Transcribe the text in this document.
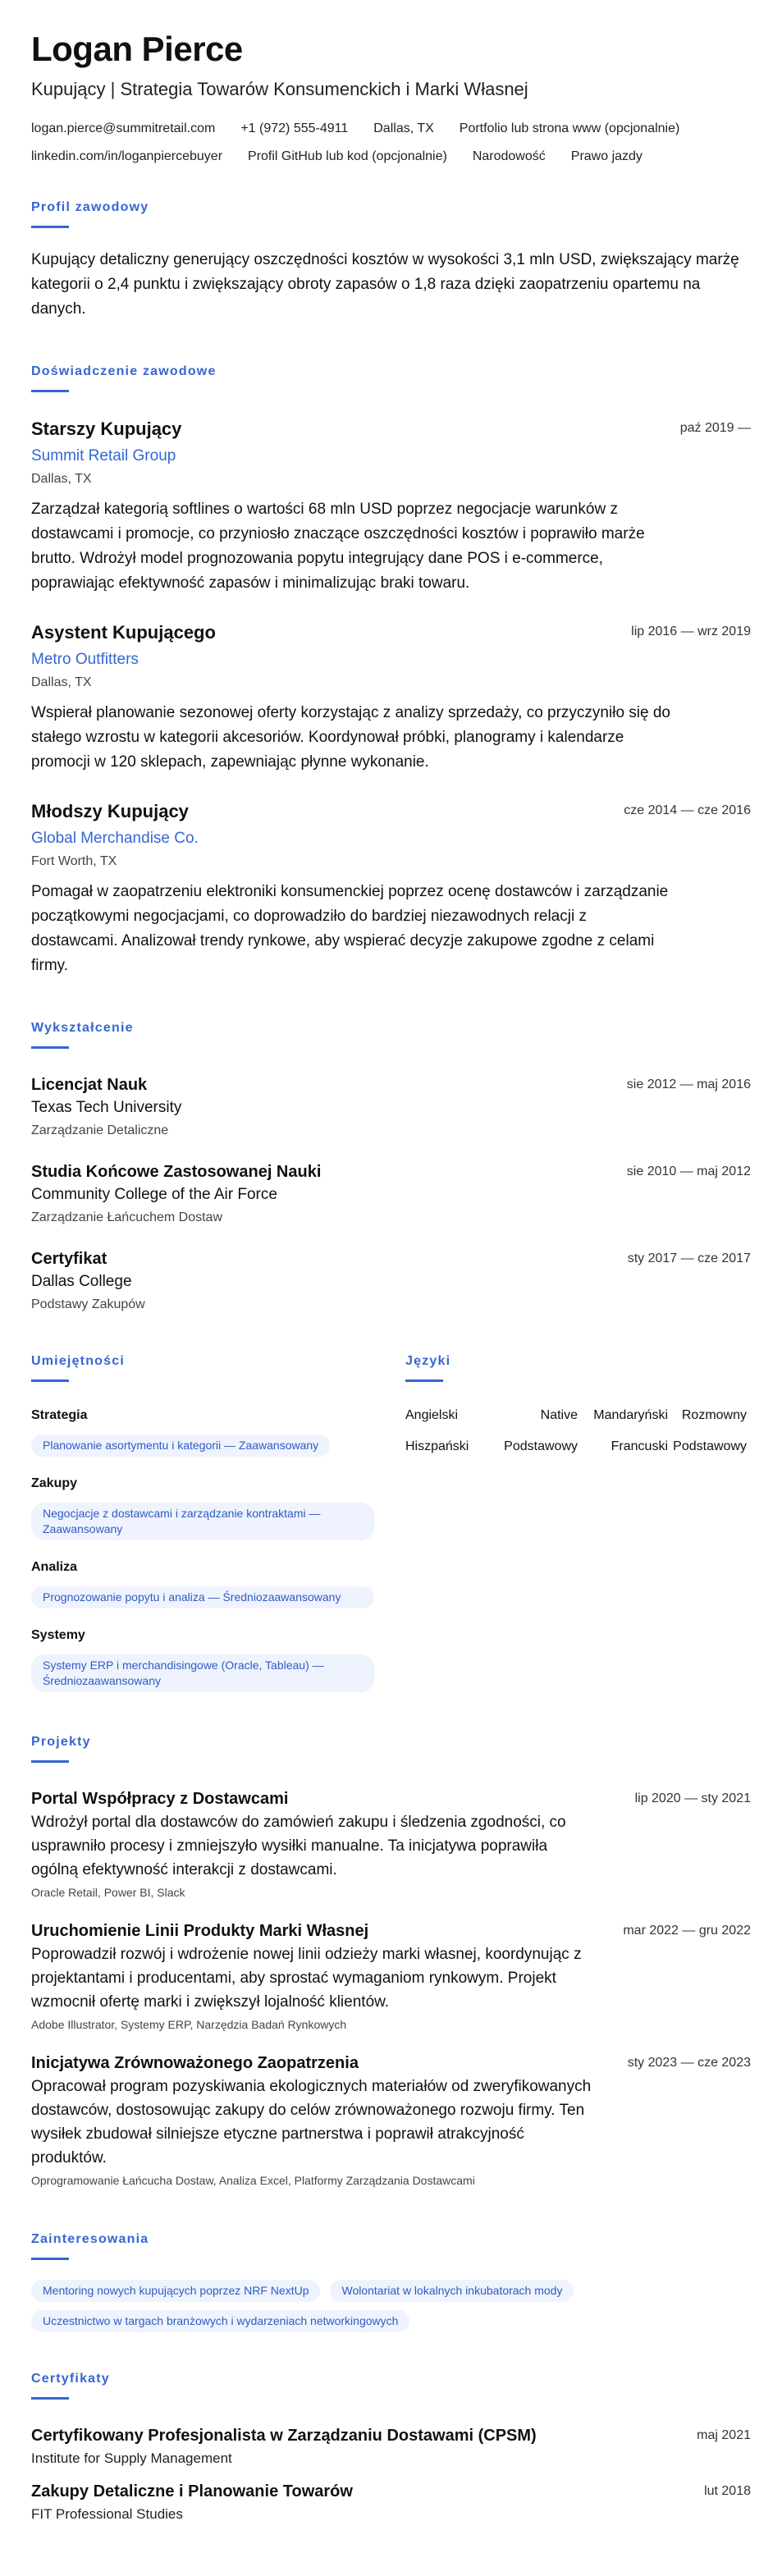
Logan Pierce
Kupujący | Strategia Towarów Konsumenckich i Marki Własnej
logan.pierce@summitretail.com +1 (972) 555-4911 Dallas, TX Portfolio lub strona www (opcjonalnie)
linkedin.com/in/loganpiercebuyer Profil GitHub lub kod (opcjonalnie) Narodowość Prawo jazdy
Profil zawodowy
Kupujący detaliczny generujący oszczędności kosztów w wysokości 3,1 mln USD, zwiększający marżę kategorii o 2,4 punktu i zwiększający obroty zapasów o 1,8 raza dzięki zaopatrzeniu opartemu na danych.
Doświadczenie zawodowe
Starszy Kupujący	paź 2019 —
Summit Retail Group
Dallas, TX
Zarządzał kategorią softlines o wartości 68 mln USD poprzez negocjacje warunków z dostawcami i promocje, co przyniosło znaczące oszczędności kosztów i poprawiło marże brutto. Wdrożył model prognozowania popytu integrujący dane POS i e-commerce, poprawiając efektywność zapasów i minimalizując braki towaru.
Asystent Kupującego	lip 2016 — wrz 2019
Metro Outfitters
Dallas, TX
Wspierał planowanie sezonowej oferty korzystając z analizy sprzedaży, co przyczyniło się do stałego wzrostu w kategorii akcesoriów. Koordynował próbki, planogramy i kalendarze promocji w 120 sklepach, zapewniając płynne wykonanie.
Młodszy Kupujący	cze 2014 — cze 2016
Global Merchandise Co.
Fort Worth, TX
Pomagał w zaopatrzeniu elektroniki konsumenckiej poprzez ocenę dostawców i zarządzanie początkowymi negocjacjami, co doprowadziło do bardziej niezawodnych relacji z dostawcami. Analizował trendy rynkowe, aby wspierać decyzje zakupowe zgodne z celami firmy.
Wykształcenie
Licencjat Nauk	sie 2012 — maj 2016
Texas Tech University
Zarządzanie Detaliczne
Studia Końcowe Zastosowanej Nauki	sie 2010 — maj 2012
Community College of the Air Force
Zarządzanie Łańcuchem Dostaw
Certyfikat	sty 2017 — cze 2017
Dallas College
Podstawy Zakupów
Umiejętności
Strategia
Planowanie asortymentu i kategorii — Zaawansowany
Zakupy
Negocjacje z dostawcami i zarządzanie kontraktami — Zaawansowany
Analiza
Prognozowanie popytu i analiza — Średniozaawansowany
Systemy
Systemy ERP i merchandisingowe (Oracle, Tableau) — Średniozaawansowany
Języki
Angielski	Native	Mandaryński	Rozmowny
Hiszpański	Podstawowy	Francuski Podstawowy
Projekty
Portal Współpracy z Dostawcami	lip 2020 — sty 2021
Wdrożył portal dla dostawców do zamówień zakupu i śledzenia zgodności, co usprawniło procesy i zmniejszyło wysiłki manualne. Ta inicjatywa poprawiła ogólną efektywność interakcji z dostawcami.
Oracle Retail, Power BI, Slack
Uruchomienie Linii Produkty Marki Własnej	mar 2022 — gru 2022
Poprowadził rozwój i wdrożenie nowej linii odzieży marki własnej, koordynując z projektantami i producentami, aby sprostać wymaganiom rynkowym. Projekt wzmocnił ofertę marki i zwiększył lojalność klientów.
Adobe Illustrator, Systemy ERP, Narzędzia Badań Rynkowych
Inicjatywa Zrównoważonego Zaopatrzenia	sty 2023 — cze 2023
Opracował program pozyskiwania ekologicznych materiałów od zweryfikowanych dostawców, dostosowując zakupy do celów zrównoważonego rozwoju firmy. Ten wysiłek zbudował silniejsze etyczne partnerstwa i poprawił atrakcyjność produktów.
Oprogramowanie Łańcucha Dostaw, Analiza Excel, Platformy Zarządzania Dostawcami
Zainteresowania
Mentoring nowych kupujących poprzez NRF NextUp	Wolontariat w lokalnych inkubatorach mody
Uczestnictwo w targach branżowych i wydarzeniach networkingowych
Certyfikaty
Certyfikowany Profesjonalista w Zarządzaniu Dostawami (CPSM)	maj 2021
Institute for Supply Management
Zakupy Detaliczne i Planowanie Towarów	lut 2018
FIT Professional Studies
